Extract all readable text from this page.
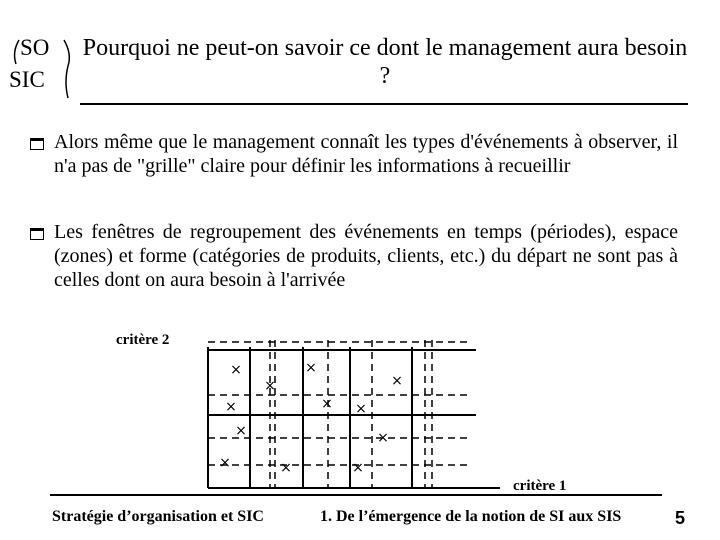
SO
SIC
Pourquoi ne peut-on savoir ce dont le management aura besoin ?
Alors même que le management connaît les types d'événements à observer, il n'a pas de "grille" claire pour définir les informations à recueillir
Les fenêtres de regroupement des événements en temps (périodes), espace (zones) et forme (catégories de produits, clients, etc.) du départ ne sont pas à celles dont on aura besoin à l'arrivée
×	×
×	×
×	× ×
×	×
×	×	×
critère 2
critère 1
Stratégie d’organisation et SIC	1. De l’émergence de la notion de SI aux SIS	5
